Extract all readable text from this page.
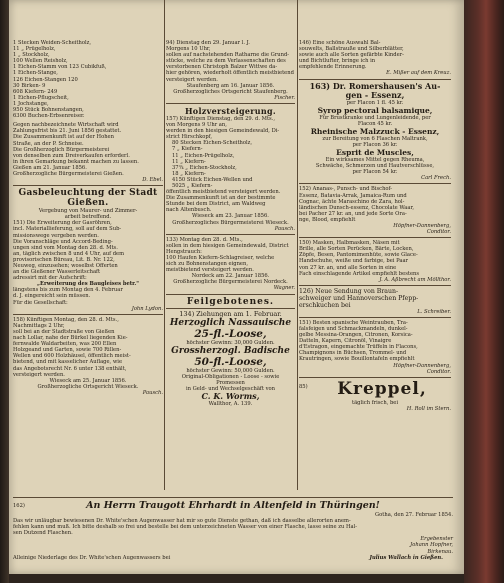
1 Stecken Weiden-Scheitholz,
11 „ Prügelholz,
1 „ Stockholz,
100 Wellen Reisholz,
1 Eichen-Stamm von 123 Cubikfuß,
1 Eichen-Stange,
126 Eichen-Stangen 120
30 Birken- 9
608 Kiefern- 249
1 Eichen-Pflugscheit,
1 Jochstange,
950 Stück Bohnenstangen,
6300 Buchen-Erbsenreiser.
Gegen nachbezeichnete Wirtschaft wird
Zahlungsfrist bis 21. Juni 1856 gestattet.
Die Zusammenkunft ist auf der Hohen
Straße, an der P. Schneise.
Die Großherzoglich Bürgermeisterei
von denselben zum Dreiverkaufen erforderl.
in ihren Gemarkung bekannt machen zu lassen.
Gießen am 21. Januar 1856.
Großherzogliche Bürgermeisterei Gießen.
D. Ebel.
Gasbeleuchtung der Stadt
Gießen.
Vergebung von Maurer- und Zimmer-
arbeit betreffend.
151) Die Erweiterung der Gasröhren,
incl. Materiallieferung, soll auf dem Sub-
missionswege vergeben werden.
Die Voranschläge und Accord-Beding-
ungen sind vom Montag den 28. d. Mts.
an, täglich zwischen 8 und 4 Uhr, auf dem
provisorischen Büreau, Lit. B. Nr. 122,
Neuweg, einzusehen; woselbst Offerten
an die Gießener Wasserleitschaft
adressirt mit der Aufschrift:
„Erweiterung des Baugleises betr."
längstens bis zum Montag den 4. Februar
d. J. eingereicht sein müssen.
Für die Gesellschaft:
John Lydon.
158) Künftigen Montag, den 28. d. Mts.,
Nachmittags 2 Uhr,
soll bei an der Stadtstraße von Gießen
nach Lollar, nahe der Bürkel liegenden Kie-
fernwalde Waldarbeiten, was 200 Ellen
Holzgeand und Garten, sowie 700 Rillen-
Wellen und 600 Holzhäusel, öffentlich meist-
bietend, und mit kasselicher Auflage, wie
das Angebotsrecht Nr. 6 unter 138 enthält,
versteigert werden.
Wieseck am 25. Januar 1856.
Großherzogliche Ortsgericht Wieseck.
Pausch.
94) Dienstag den 29. Januar l. J.
Morgens 10 Uhr,
sollen auf nachstehenden Ratharne die Grund-
stücke, welche zu dem Verlassenschaften des
verstorbenen Christoph Balzer Wittwe da-
hier gehören, wiederholt öffentlich meistbietend
versteigert werden.
Staufenberg am 16. Januar 1856.
Großherzogliches Ortsgericht Staufenberg.
Fischer.
Holzversteigerung.
157) Künftigen Dienstag, den 29. d. Mts.,
von Morgens 9 Uhr an,
werden in den hiesigen Gemeindewald, Di-
strict Hirschkopf,
80 Stecken Eichen-Scheitholz,
7 „ Kiefern-
11 „ Eichen-Prügelholz,
11 „ Kiefern-
37¾ „ Eichen-Stockholz,
18 „ Kiefern-
4150 Stück Eichen-Wellen und
5025 „ Kiefern-
öffentlich meistbietend versteigert werden.
Die Zusammenkunft ist an der bestimmte
Stunde bei dem District, am Waldweg
nach Altenbusch.
Wieseck am 23. Januar 1856.
Großherzogliches Bürgermeisterei Wieseck.
Pausch.
133) Montag den 28. d. Mts.,
sollen in dem hiesigen Gemeindewald, District
Hengstrauch:
100 Haufen Kiefern-Schlagreiser, welche
sich zu Bohnenstangen eignen,
meistbietend versteigert werden.
Nordeck am 22. Januar 1856.
Großherzogliche Bürgermeisterei Nordeck.
Wagner.
Feilgebotenes.
134) Ziehungen am 1. Februar.
Herzoglich Nassauische
25-fl.-Loose,
höchster Gewinn: 30,000 Gulden.
Grossherzogl. Badische
50-fl.-Loose,
höchster Gewinn: 50,000 Gulden.
Original-Obligationen - Loose - sowie
Promessen
in Geld- und Wechselgeschäft von
C. K. Worms,
Wallthor, A. 139.
146) Eine schöne Auswahl Bal-
souwelts, Ballstrauße und Silberblätter,
sowie auch alle Sorten gefärbte Kinder-
und Bichtlufter, bringe ich in
empfehlende Erinnerung.
E. Mißer auf dem Kreuz.
163) Dr. Romershausen's Au-
gen - Essenz,
per Flacon 1 fl. 45 kr.
Syrop pectoral balsamique,
Für Brustkranke und Lungenleidende, per
Flacon 45 kr.
Rheinische Malzzuck - Essenz,
zur Bereitung von 6 Flaschen Maltrank,
per Flacon 36 kr.
Esprit de Muscles,
Ein wirksames Mittel gegen Rheuma,
Schwäche, Schmerzen und Hautverschlüsse,
per Flacon 54 kr.
Carl Frech.
152) Ananas-, Punsch- und Bischof-
Essenz, Batavia-Arrak, Jamaica-Rum und
Cognac, ächte Maraschino de Zara, hol-
ländischen Dunsch-essenz, Chocolate Waar,
bei Pacher 27 kr. an, und jede Sorte Ora-
nge, Blood, empfiehlt
Höpfner-Dannenberg,
Conditor.
150) Masken, Halbmasken, Näsen mit
Brille, alle Sorten Perücken, Bärte, Locken,
Zöpfe, Besen, Pantomimenhüte, sowie Glace-
Handschuhe, weiße und farbige, bei Paar
von 27 kr. an, und alle Sorten in eine
Fach einschlagende Artikel empfiehlt bestens
J. A. Aßbrecht am Möllthor.
126) Neue Sendung von Braun-
schweiger und Hannoverschen Pfepp-
erschkuchen bei
L. Schreiber.
151) Besten spanische Weintrauben, Tra-
falsfeigen und Schmackmandeln, dunkel-
gelbe Messina-Orangen, Citronen, Korsica-
Datteln, Kapern, Citronöl, Vinaigre
d'Estragon, eingemachte Trüffeln in Flacons,
Champignons in Büchsen, Trommel- und
Krautringen, sowie Bouillontafeln empfiehlt
Höpfner-Dannenberg,
Conditor.
85)	Kreppel,
täglich frisch, bei
H. Roll im Stern.
162)	An Herrn Traugott Ehrhardt in Altenfeld in Thüringen!
Gotha, den 27. Februar 1854.
Das wir unläugbar bewiesenen Dr. White'schen Augenwasser hat mir so gute Dienste gethan, daß ich dasselbe allerorten anem-
fehlen kann und muß. Ich bitte deshalb so frei und bestelle bei dem unterzeichneten Wasser von einer Flasche, lasse seine zu Hal-
sen Dutzend Flaschen.
Ergebenster
Johann Hopfner,
Birkenau.
Alleinige Niederlage des Dr. White'schen Augenwassers bei	Julius Wallach in Gießen.
